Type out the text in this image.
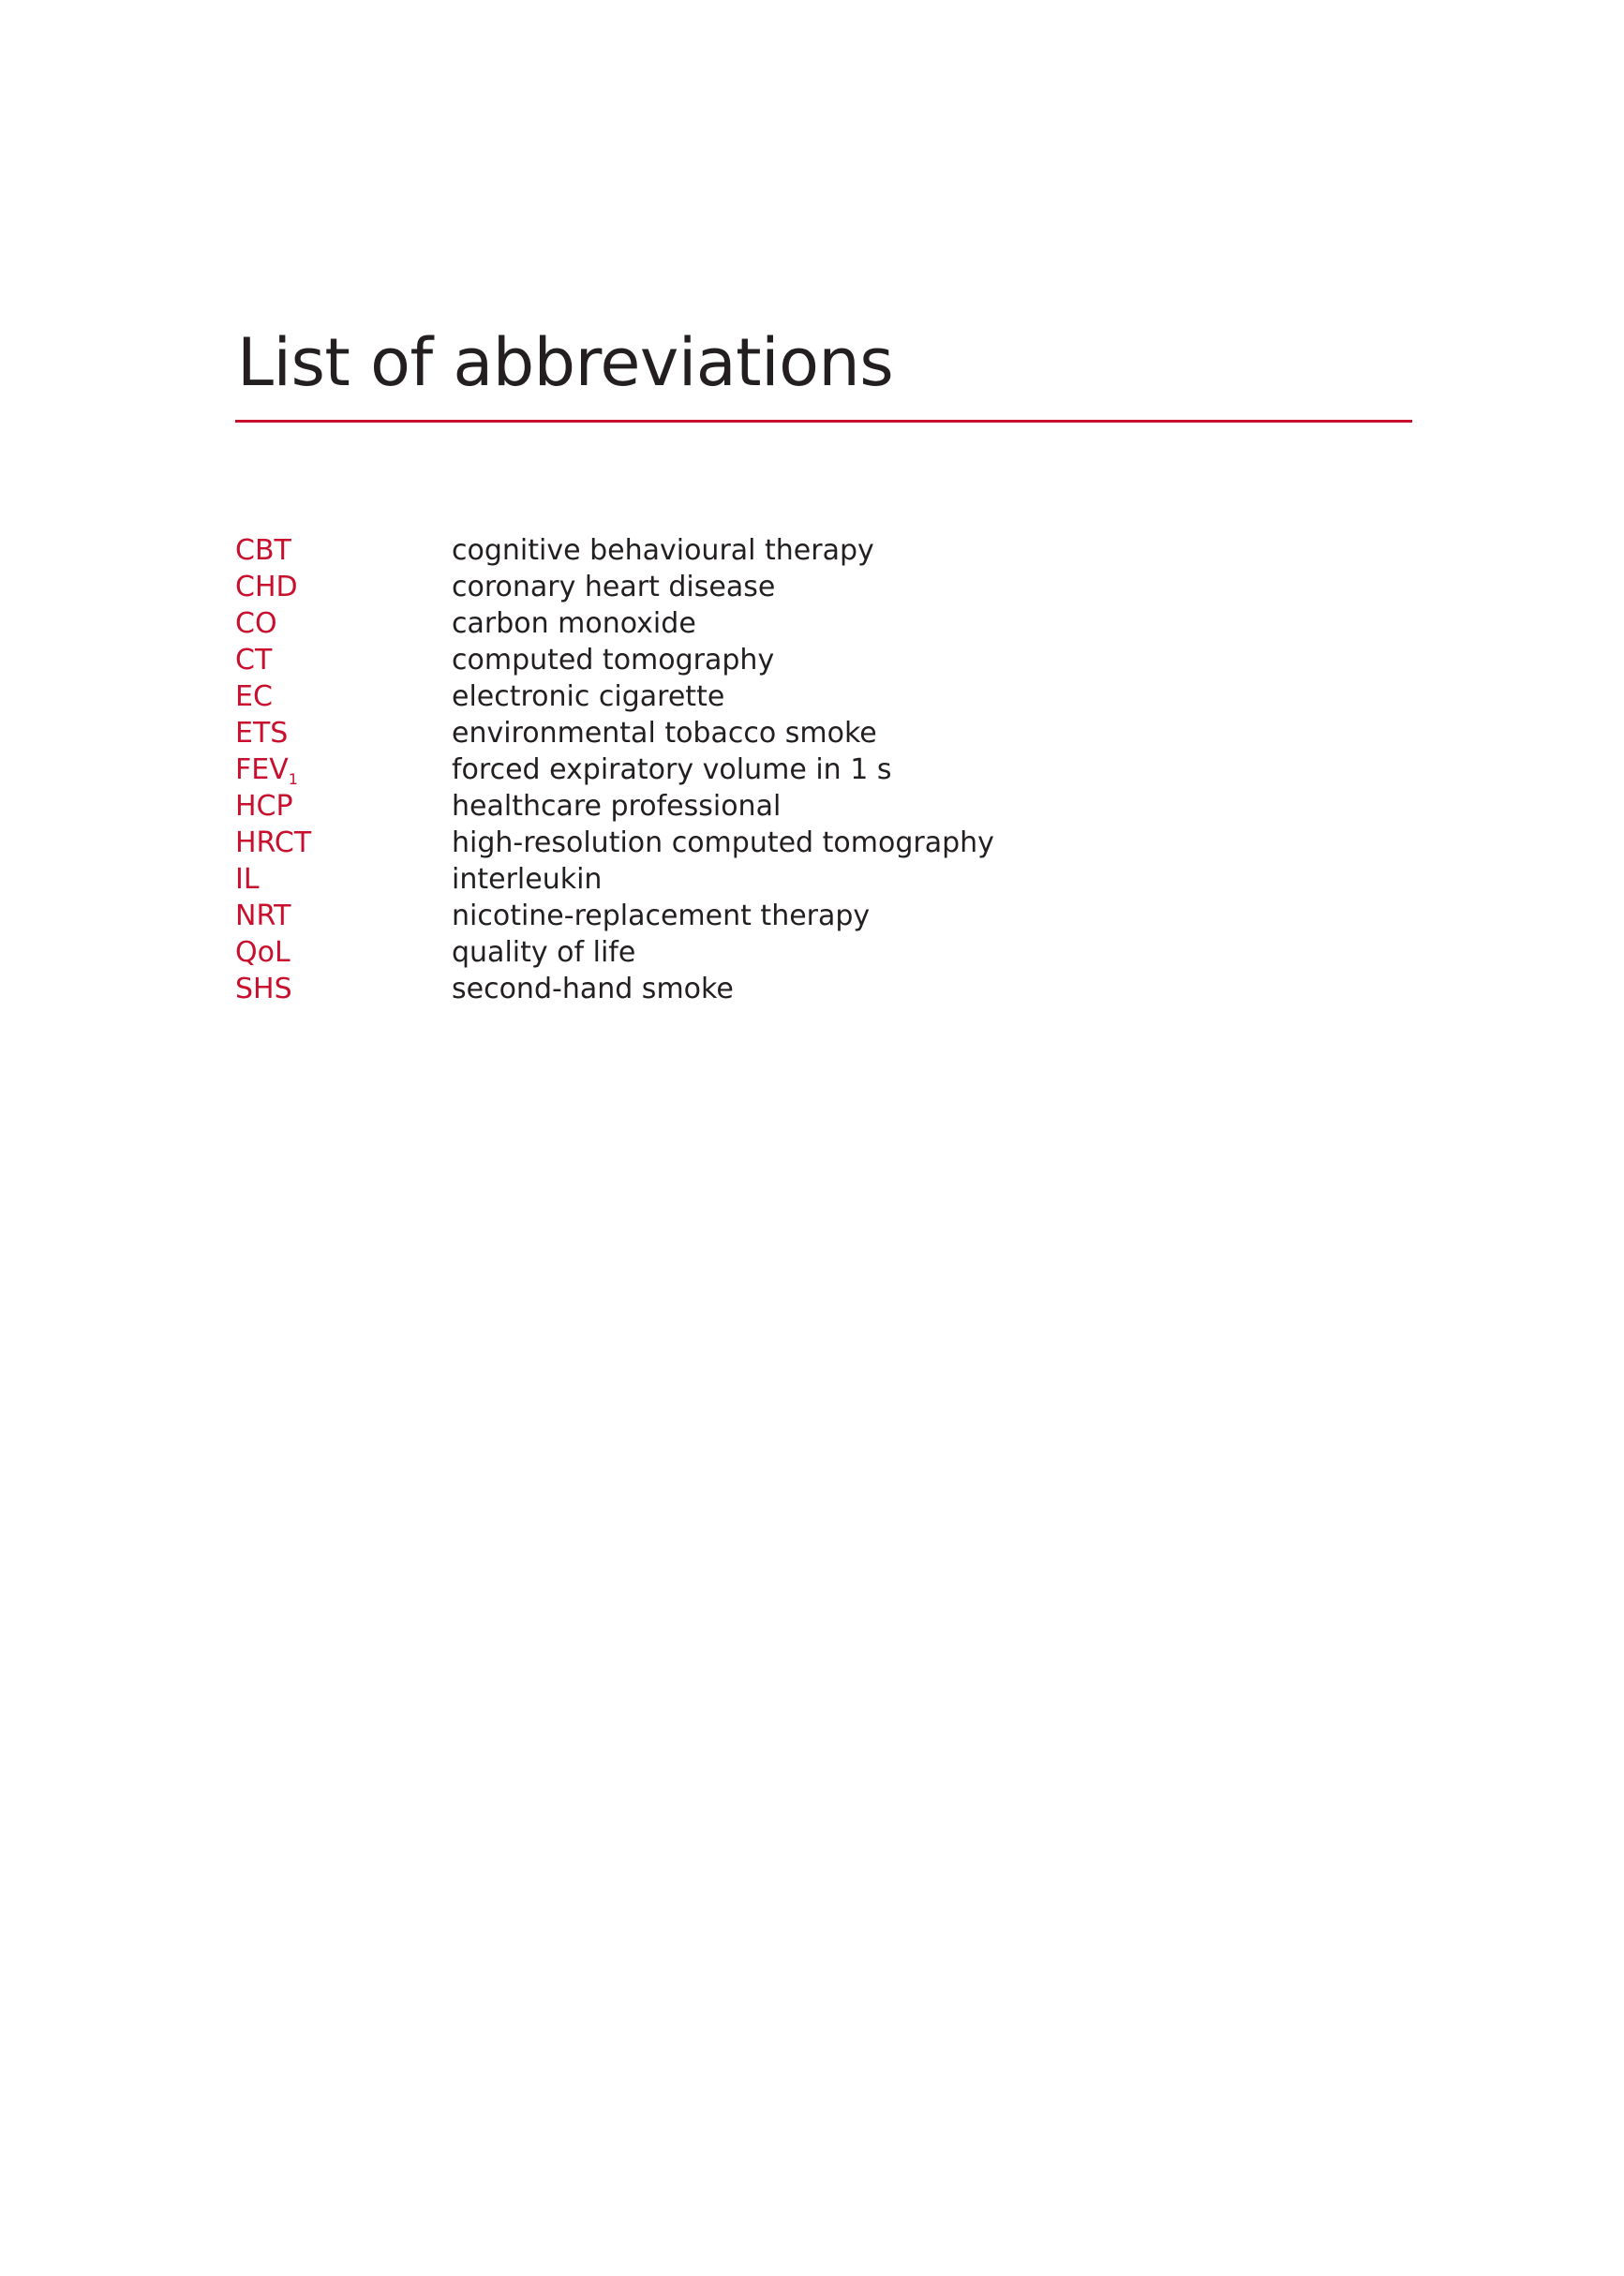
List of abbreviations
CBT	cognitive behavioural therapy
CHD	coronary heart disease
CO	carbon monoxide
CT	computed tomography
EC	electronic cigarette
ETS	environmental tobacco smoke
$FEV_1$	forced expiratory volume in 1 s
HCP	healthcare professional
HRCT	high-resolution computed tomography
IL	interleukin
NRT	nicotine-replacement therapy
QoL	quality of life
SHS	second-hand smoke
